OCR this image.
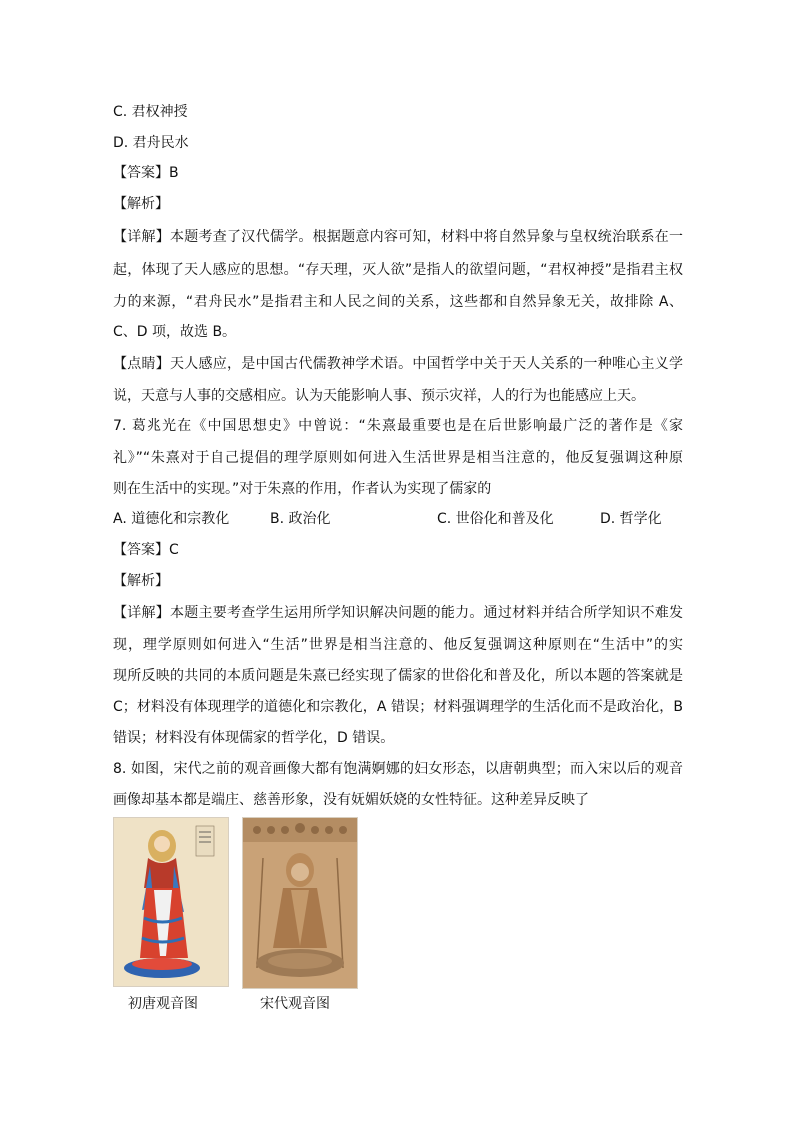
C. 君权神授
D. 君舟民水
【答案】B
【解析】
【详解】本题考查了汉代儒学。根据题意内容可知，材料中将自然异象与皇权统治联系在一
起，体现了天人感应的思想。“存天理，灭人欲”是指人的欲望问题，“君权神授”是指君主权
力的来源，“君舟民水”是指君主和人民之间的关系，这些都和自然异象无关，故排除 A、
C、D 项，故选 B。
【点睛】天人感应，是中国古代儒教神学术语。中国哲学中关于天人关系的一种唯心主义学
说，天意与人事的交感相应。认为天能影响人事、预示灾祥，人的行为也能感应上天。
7. 葛兆光在《中国思想史》中曾说：“朱熹最重要也是在后世影响最广泛的著作是《家
礼》”“朱熹对于自己提倡的理学原则如何进入生活世界是相当注意的，他反复强调这种原
则在生活中的实现。”对于朱熹的作用，作者认为实现了儒家的
A. 道德化和宗教化	B. 政治化	C. 世俗化和普及化	D. 哲学化
【答案】C
【解析】
【详解】本题主要考查学生运用所学知识解决问题的能力。通过材料并结合所学知识不难发
现，理学原则如何进入“生活”世界是相当注意的、他反复强调这种原则在“生活中”的实
现所反映的共同的本质问题是朱熹已经实现了儒家的世俗化和普及化，所以本题的答案就是
C；材料没有体现理学的道德化和宗教化，A 错误；材料强调理学的生活化而不是政治化，B
错误；材料没有体现儒家的哲学化，D 错误。
8. 如图，宋代之前的观音画像大都有饱满婀娜的妇女形态，以唐朝典型；而入宋以后的观音
画像却基本都是端庄、慈善形象，没有妩媚妖娆的女性特征。这种差异反映了
初唐观音图	宋代观音图
